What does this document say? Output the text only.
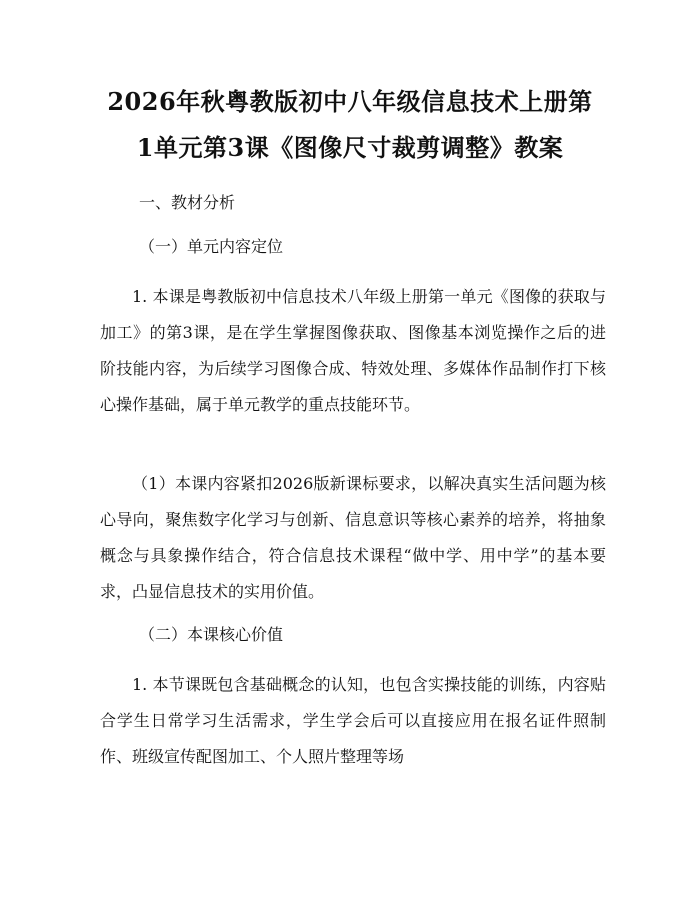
2026年秋粤教版初中八年级信息技术上册第
1单元第3课《图像尺寸裁剪调整》教案
一、教材分析
（一）单元内容定位

1. 本课是粤教版初中信息技术八年级上册第一单元《图像的获取与加工》的第3课，是在学生掌握图像获取、图像基本浏览操作之后的进阶技能内容，为后续学习图像合成、特效处理、多媒体作品制作打下核心操作基础，属于单元教学的重点技能环节。

（1）本课内容紧扣2026版新课标要求，以解决真实生活问题为核心导向，聚焦数字化学习与创新、信息意识等核心素养的培养，将抽象概念与具象操作结合，符合信息技术课程“做中学、用中学”的基本要求，凸显信息技术的实用价值。

（二）本课核心价值

1. 本节课既包含基础概念的认知，也包含实操技能的训练，内容贴合学生日常学习生活需求，学生学会后可以直接应用在报名证件照制作、班级宣传配图加工、个人照片整理等场
